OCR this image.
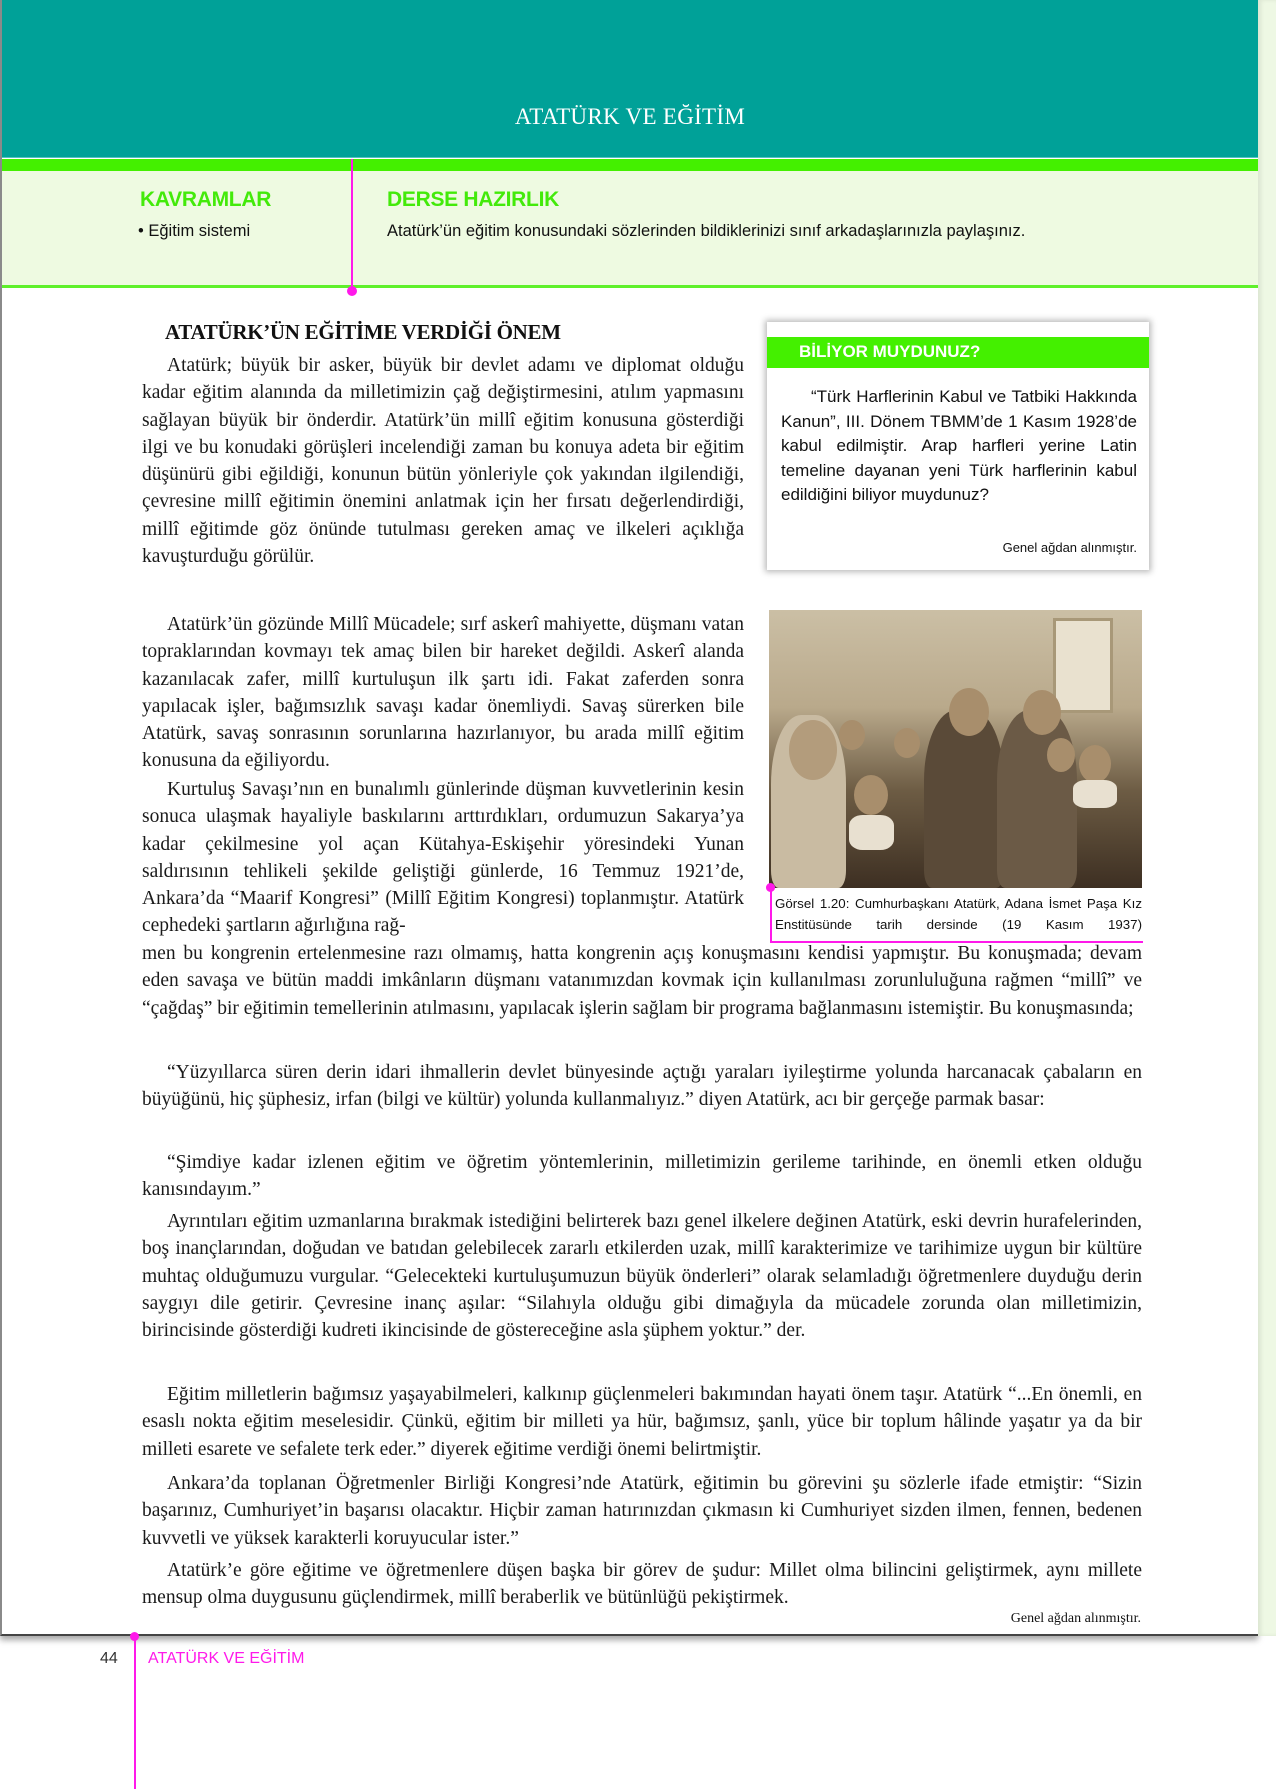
ATATÜRK VE EĞİTİM
KAVRAMLAR
• Eğitim sistemi
DERSE HAZIRLIK
Atatürk’ün eğitim konusundaki sözlerinden bildiklerinizi sınıf arkadaşlarınızla paylaşınız.
ATATÜRK’ÜN EĞİTİME VERDİĞİ ÖNEM

Atatürk; büyük bir asker, büyük bir devlet adamı ve diplomat olduğu kadar eğitim alanında da milletimizin çağ değiştirmesini, atılım yapmasını sağlayan büyük bir önderdir. Atatürk’ün millî eğitim konusuna gösterdiği ilgi ve bu konudaki görüşleri incelendiği zaman bu konuya adeta bir eğitim düşünürü gibi eğildiği, konunun bütün yönleriyle çok yakından ilgilendiği, çevresine millî eğitimin önemini anlatmak için her fırsatı değerlendirdiği, millî eğitimde göz önünde tutulması gereken amaç ve ilkeleri açıklığa kavuşturduğu görülür.

Atatürk’ün gözünde Millî Mücadele; sırf askerî mahiyette, düşmanı vatan topraklarından kovmayı tek amaç bilen bir hareket değildi. Askerî alanda kazanılacak zafer, millî kurtuluşun ilk şartı idi. Fakat zaferden sonra yapılacak işler, bağımsızlık savaşı kadar önemliydi. Savaş sürerken bile Atatürk, savaş sonrasının sorunlarına hazırlanıyor, bu arada millî eğitim konusuna da eğiliyordu.

Kurtuluş Savaşı’nın en bunalımlı günlerinde düşman kuvvetlerinin kesin sonuca ulaşmak hayaliyle baskılarını arttırdıkları, ordumuzun Sakarya’ya kadar çekilmesine yol açan Kütahya-Eskişehir yöresindeki Yunan saldırısının tehlikeli şekilde geliştiği günlerde, 16 Temmuz 1921’de, Ankara’da “Maarif Kongresi” (Millî Eğitim Kongresi) toplanmıştır. Atatürk cephedeki şartların ağırlığına rağ-

men bu kongrenin ertelenmesine razı olmamış, hatta kongrenin açış konuşmasını kendisi yapmıştır. Bu konuşmada; devam eden savaşa ve bütün maddi imkânların düşmanı vatanımızdan kovmak için kullanılması zorunluluğuna rağmen “millî” ve “çağdaş” bir eğitimin temellerinin atılmasını, yapılacak işlerin sağlam bir programa bağlanmasını istemiştir. Bu konuşmasında;

“Yüzyıllarca süren derin idari ihmallerin devlet bünyesinde açtığı yaraları iyileştirme yolunda harcanacak çabaların en büyüğünü, hiç şüphesiz, irfan (bilgi ve kültür) yolunda kullanmalıyız.” diyen Atatürk, acı bir gerçeğe parmak basar:

“Şimdiye kadar izlenen eğitim ve öğretim yöntemlerinin, milletimizin gerileme tarihinde, en önemli etken olduğu kanısındayım.”

Ayrıntıları eğitim uzmanlarına bırakmak istediğini belirterek bazı genel ilkelere değinen Atatürk, eski devrin hurafelerinden, boş inançlarından, doğudan ve batıdan gelebilecek zararlı etkilerden uzak, millî karakterimize ve tarihimize uygun bir kültüre muhtaç olduğumuzu vurgular. “Gelecekteki kurtuluşumuzun büyük önderleri” olarak selamladığı öğretmenlere duyduğu derin saygıyı dile getirir. Çevresine inanç aşılar: “Silahıyla olduğu gibi dimağıyla da mücadele zorunda olan milletimizin, birincisinde gösterdiği kudreti ikincisinde de göstereceğine asla şüphem yoktur.” der.

Eğitim milletlerin bağımsız yaşayabilmeleri, kalkınıp güçlenmeleri bakımından hayati önem taşır. Atatürk “...En önemli, en esaslı nokta eğitim meselesidir. Çünkü, eğitim bir milleti ya hür, bağımsız, şanlı, yüce bir toplum hâlinde yaşatır ya da bir milleti esarete ve sefalete terk eder.” diyerek eğitime verdiği önemi belirtmiştir.

Ankara’da toplanan Öğretmenler Birliği Kongresi’nde Atatürk, eğitimin bu görevini şu sözlerle ifade etmiştir: “Sizin başarınız, Cumhuriyet’in başarısı olacaktır. Hiçbir zaman hatırınızdan çıkmasın ki Cumhuriyet sizden ilmen, fennen, bedenen kuvvetli ve yüksek karakterli koruyucular ister.”

Atatürk’e göre eğitime ve öğretmenlere düşen başka bir görev de şudur: Millet olma bilincini geliştirmek, aynı millete mensup olma duygusunu güçlendirmek, millî beraberlik ve bütünlüğü pekiştirmek.

Genel ağdan alınmıştır.
BİLİYOR MUYDUNUZ?
“Türk Harflerinin Kabul ve Tatbiki Hakkında Kanun”, III. Dönem TBMM’de 1 Kasım 1928’de kabul edilmiştir. Arap harfleri yerine Latin temeline dayanan yeni Türk harflerinin kabul edildiğini biliyor muydunuz?
Genel ağdan alınmıştır.
Görsel 1.20: Cumhurbaşkanı Atatürk, Adana İsmet Paşa Kız Enstitüsünde tarih dersinde (19 Kasım 1937)
44 ATATÜRK VE EĞİTİM
